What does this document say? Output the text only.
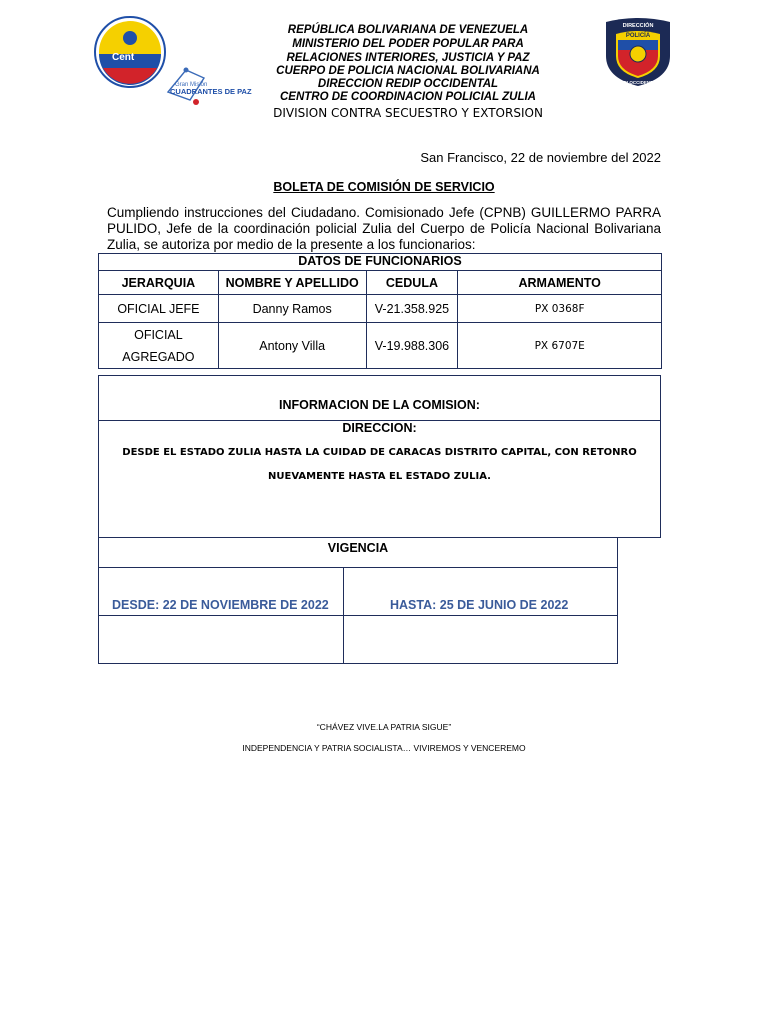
Cent
Gran Misión
CUADRANTES DE PAZ
REPÚBLICA BOLIVARIANA DE VENEZUELA
MINISTERIO DEL PODER POPULAR PARA
RELACIONES INTERIORES, JUSTICIA Y PAZ
CUERPO DE POLICIA NACIONAL BOLIVARIANA
DIRECCION REDIP OCCIDENTAL
CENTRO DE COORDINACION POLICIAL ZULIA
DIVISION CONTRA SECUESTRO Y EXTORSION
DIRECCIÓN
POLICÍA
REDI OCCIDENTAL
San Francisco, 22 de noviembre del 2022
BOLETA DE COMISIÓN DE SERVICIO
Cumpliendo instrucciones del Ciudadano. Comisionado Jefe (CPNB) GUILLERMO PARRA PULIDO, Jefe de la coordinación policial Zulia del Cuerpo de Policía Nacional Bolivariana Zulia, se autoriza por medio de la presente a los funcionarios:
DATOS DE FUNCIONARIOS			
JERARQUIA	NOMBRE Y APELLIDO	CEDULA	ARMAMENTO
OFICIAL JEFE	Danny Ramos	V-21.358.925	PX 0368F

OFICIAL
AGREGADO	Antony Villa	V-19.988.306	PX 6707E
INFORMACION DE LA COMISION:
DIRECCION:
DESDE EL ESTADO ZULIA HASTA LA CUIDAD DE CARACAS DISTRITO CAPITAL, CON RETONRO
NUEVAMENTE HASTA EL ESTADO ZULIA.
VIGENCIA
DESDE: 22 DE NOVIEMBRE DE 2022	HASTA: 25 DE JUNIO DE 2022
“CHÁVEZ VIVE.LA PATRIA SIGUE”
INDEPENDENCIA Y PATRIA SOCIALISTA… VIVIREMOS Y VENCEREMO
